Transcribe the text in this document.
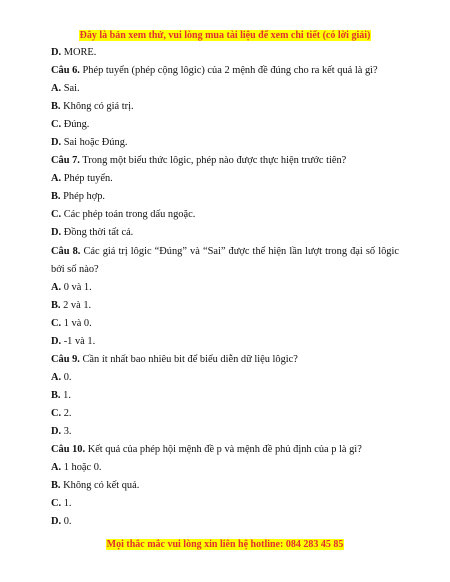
Đây là bản xem thử, vui lòng mua tài liệu để xem chi tiết (có lời giải)
D. MORE.
Câu 6. Phép tuyển (phép cộng lôgic) của 2 mệnh đề đúng cho ra kết quả là gì?
A. Sai.
B. Không có giá trị.
C. Đúng.
D. Sai hoặc Đúng.
Câu 7. Trong một biểu thức lôgic, phép nào được thực hiện trước tiên?
A. Phép tuyển.
B. Phép hợp.
C. Các phép toán trong dấu ngoặc.
D. Đồng thời tất cả.
Câu 8. Các giá trị lôgic “Đúng” và “Sai” được thể hiện lần lượt trong đại số lôgic bởi số nào?
A. 0 và 1.
B. 2 và 1.
C. 1 và 0.
D. -1 và 1.
Câu 9. Cần ít nhất bao nhiêu bit để biểu diễn dữ liệu lôgic?
A. 0.
B. 1.
C. 2.
D. 3.
Câu 10. Kết quả của phép hội mệnh đề p và mệnh đề phủ định của p là gì?
A. 1 hoặc 0.
B. Không có kết quả.
C. 1.
D. 0.
Mọi thắc mắc vui lòng xin liên hệ hotline: 084 283 45 85
